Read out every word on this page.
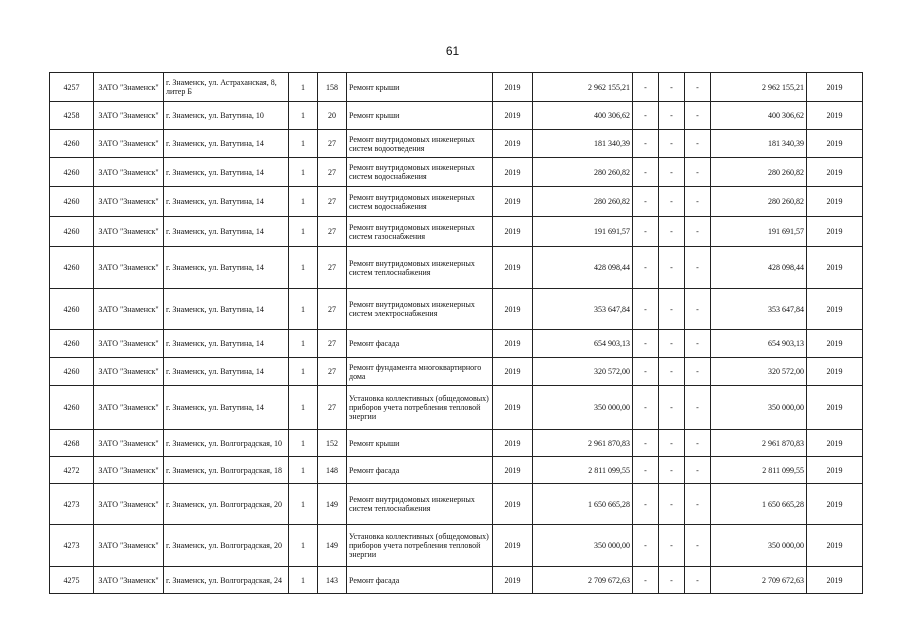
61
4257	ЗАТО "Знаменск"	г. Знаменск, ул. Астраханская, 8, литер Б	1	158	Ремонт крыши	2019	2 962 155,21	-	-	-	2 962 155,21	2019
4258	ЗАТО "Знаменск"	г. Знаменск, ул. Ватутина, 10	1	20	Ремонт крыши	2019	400 306,62	-	-	-	400 306,62	2019
4260	ЗАТО "Знаменск"	г. Знаменск, ул. Ватутина, 14	1	27	Ремонт внутридомовых инженерных систем водоотведения	2019	181 340,39	-	-	-	181 340,39	2019
4260	ЗАТО "Знаменск"	г. Знаменск, ул. Ватутина, 14	1	27	Ремонт внутридомовых инженерных систем водоснабжения	2019	280 260,82	-	-	-	280 260,82	2019
4260	ЗАТО "Знаменск"	г. Знаменск, ул. Ватутина, 14	1	27	Ремонт внутридомовых инженерных систем водоснабжения	2019	280 260,82	-	-	-	280 260,82	2019
4260	ЗАТО "Знаменск"	г. Знаменск, ул. Ватутина, 14	1	27	Ремонт внутридомовых инженерных систем газоснабжения	2019	191 691,57	-	-	-	191 691,57	2019
4260	ЗАТО "Знаменск"	г. Знаменск, ул. Ватутина, 14	1	27	Ремонт внутридомовых инженерных систем теплоснабжения	2019	428 098,44	-	-	-	428 098,44	2019
4260	ЗАТО "Знаменск"	г. Знаменск, ул. Ватутина, 14	1	27	Ремонт внутридомовых инженерных систем электроснабжения	2019	353 647,84	-	-	-	353 647,84	2019
4260	ЗАТО "Знаменск"	г. Знаменск, ул. Ватутина, 14	1	27	Ремонт фасада	2019	654 903,13	-	-	-	654 903,13	2019
4260	ЗАТО "Знаменск"	г. Знаменск, ул. Ватутина, 14	1	27	Ремонт фундамента многоквартирного дома	2019	320 572,00	-	-	-	320 572,00	2019
4260	ЗАТО "Знаменск"	г. Знаменск, ул. Ватутина, 14	1	27	Установка коллективных (общедомовых) приборов учета потребления тепловой энергии	2019	350 000,00	-	-	-	350 000,00	2019
4268	ЗАТО "Знаменск"	г. Знаменск, ул. Волгоградская, 10	1	152	Ремонт крыши	2019	2 961 870,83	-	-	-	2 961 870,83	2019
4272	ЗАТО "Знаменск"	г. Знаменск, ул. Волгоградская, 18	1	148	Ремонт фасада	2019	2 811 099,55	-	-	-	2 811 099,55	2019
4273	ЗАТО "Знаменск"	г. Знаменск, ул. Волгоградская, 20	1	149	Ремонт внутридомовых инженерных систем теплоснабжения	2019	1 650 665,28	-	-	-	1 650 665,28	2019
4273	ЗАТО "Знаменск"	г. Знаменск, ул. Волгоградская, 20	1	149	Установка коллективных (общедомовых) приборов учета потребления тепловой энергии	2019	350 000,00	-	-	-	350 000,00	2019
4275	ЗАТО "Знаменск"	г. Знаменск, ул. Волгоградская, 24	1	143	Ремонт фасада	2019	2 709 672,63	-	-	-	2 709 672,63	2019
